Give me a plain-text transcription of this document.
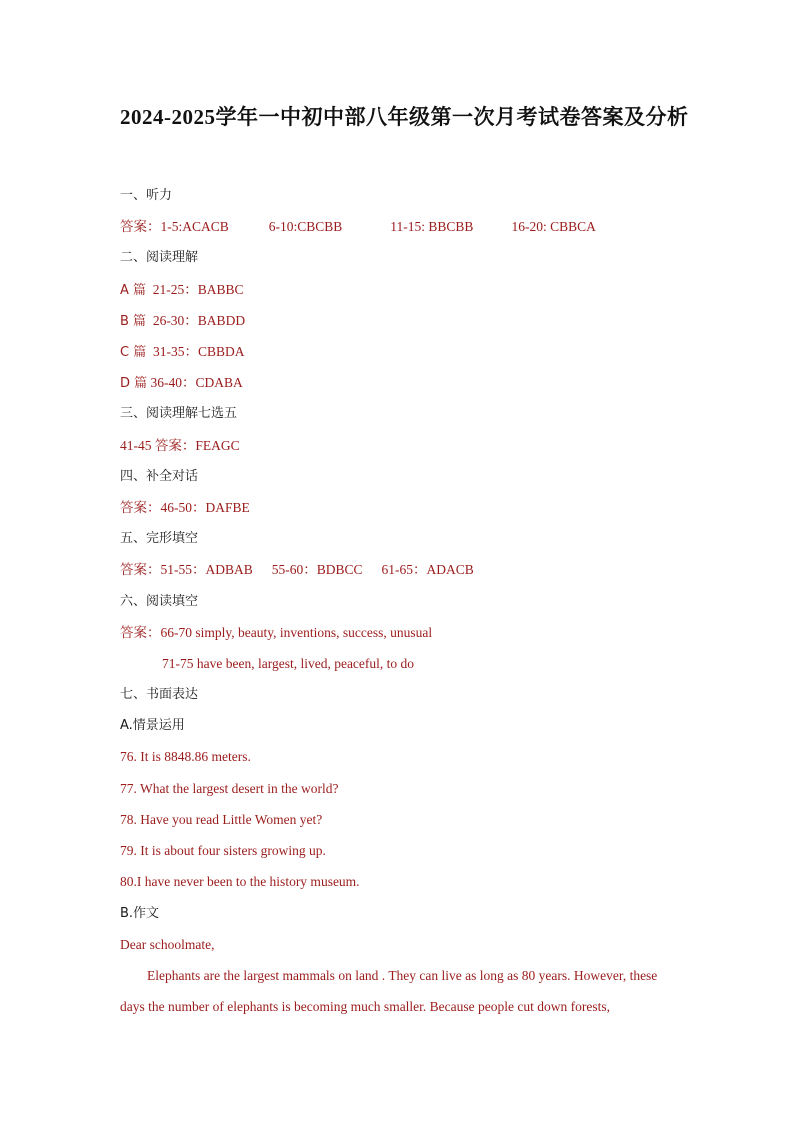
2024-2025学年一中初中部八年级第一次月考试卷答案及分析
一、听力
答案：1-5:ACACB	6-10:CBCBB	11-15: BBCBB	16-20: CBBCA
二、阅读理解
A 篇 21-25：BABBC
B 篇 26-30：BABDD
C 篇 31-35：CBBDA
D 篇 36-40：CDABA
三、阅读理解七选五
41-45 答案：FEAGC
四、补全对话
答案：46-50：DAFBE
五、完形填空
答案：51-55：ADBAB 55-60：BDBCC 61-65：ADACB
六、阅读填空
答案：66-70 simply, beauty, inventions, success, unusual
71-75 have been, largest, lived, peaceful, to do
七、书面表达
A.情景运用
76. It is 8848.86 meters.
77. What the largest desert in the world?
78. Have you read Little Women yet?
79. It is about four sisters growing up.
80.I have never been to the history museum.
B.作文
Dear schoolmate,
Elephants are the largest mammals on land . They can live as long as 80 years. However, these days the number of elephants is becoming much smaller. Because people cut down forests,
